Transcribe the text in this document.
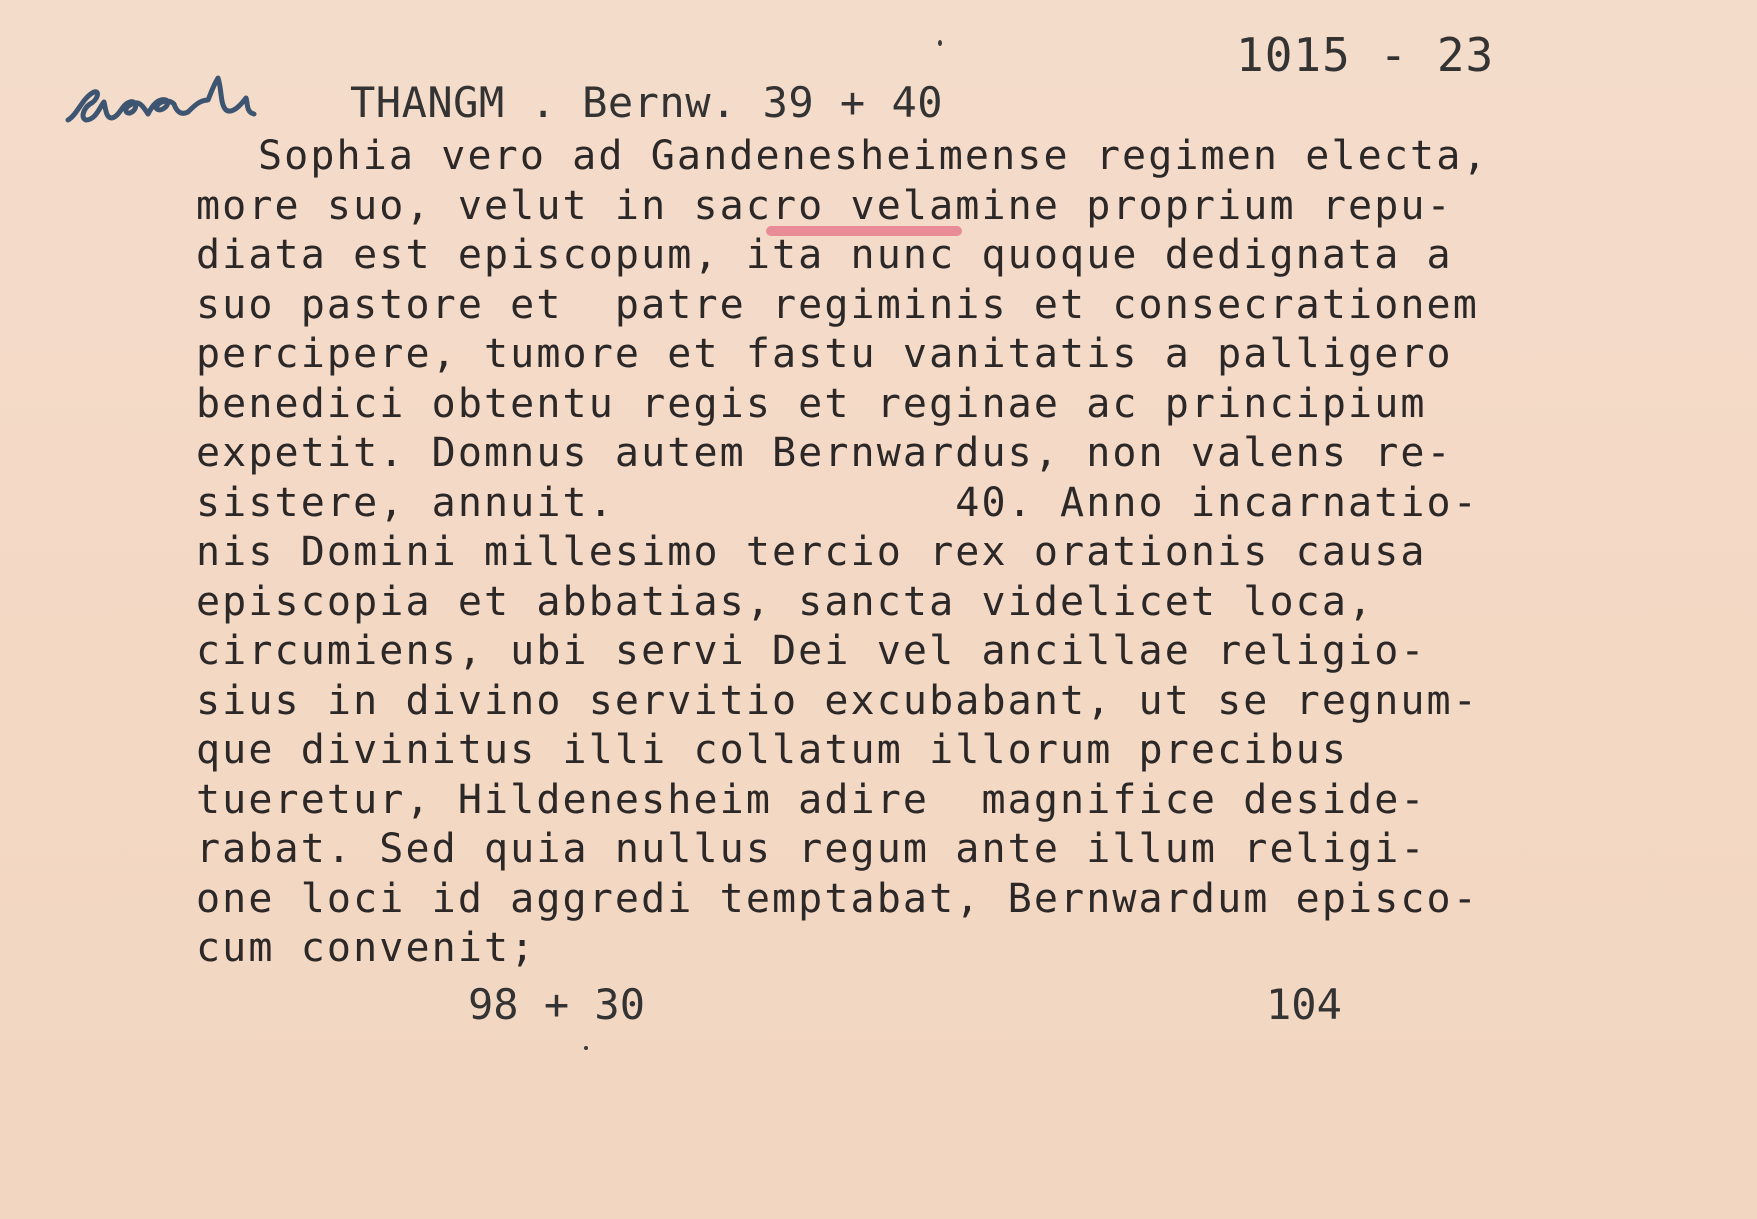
1015 - 23
THANGM . Bernw. 39 + 40
Sophia vero ad Gandenesheimense regimen electa,
more suo, velut in sacro velamine proprium repu-
diata est episcopum, ita nunc quoque dedignata a
suo pastore et  patre regiminis et consecrationem
percipere, tumore et fastu vanitatis a palligero
benedici obtentu regis et reginae ac principium
expetit. Domnus autem Bernwardus, non valens re-
sistere, annuit.             40. Anno incarnatio-
nis Domini millesimo tercio rex orationis causa
episcopia et abbatias, sancta videlicet loca,
circumiens, ubi servi Dei vel ancillae religio-
sius in divino servitio excubabant, ut se regnum-
que divinitus illi collatum illorum precibus
tueretur, Hildenesheim adire  magnifice deside-
rabat. Sed quia nullus regum ante illum religi-
one loci id aggredi temptabat, Bernwardum episco-
cum convenit;
98 + 30	104
